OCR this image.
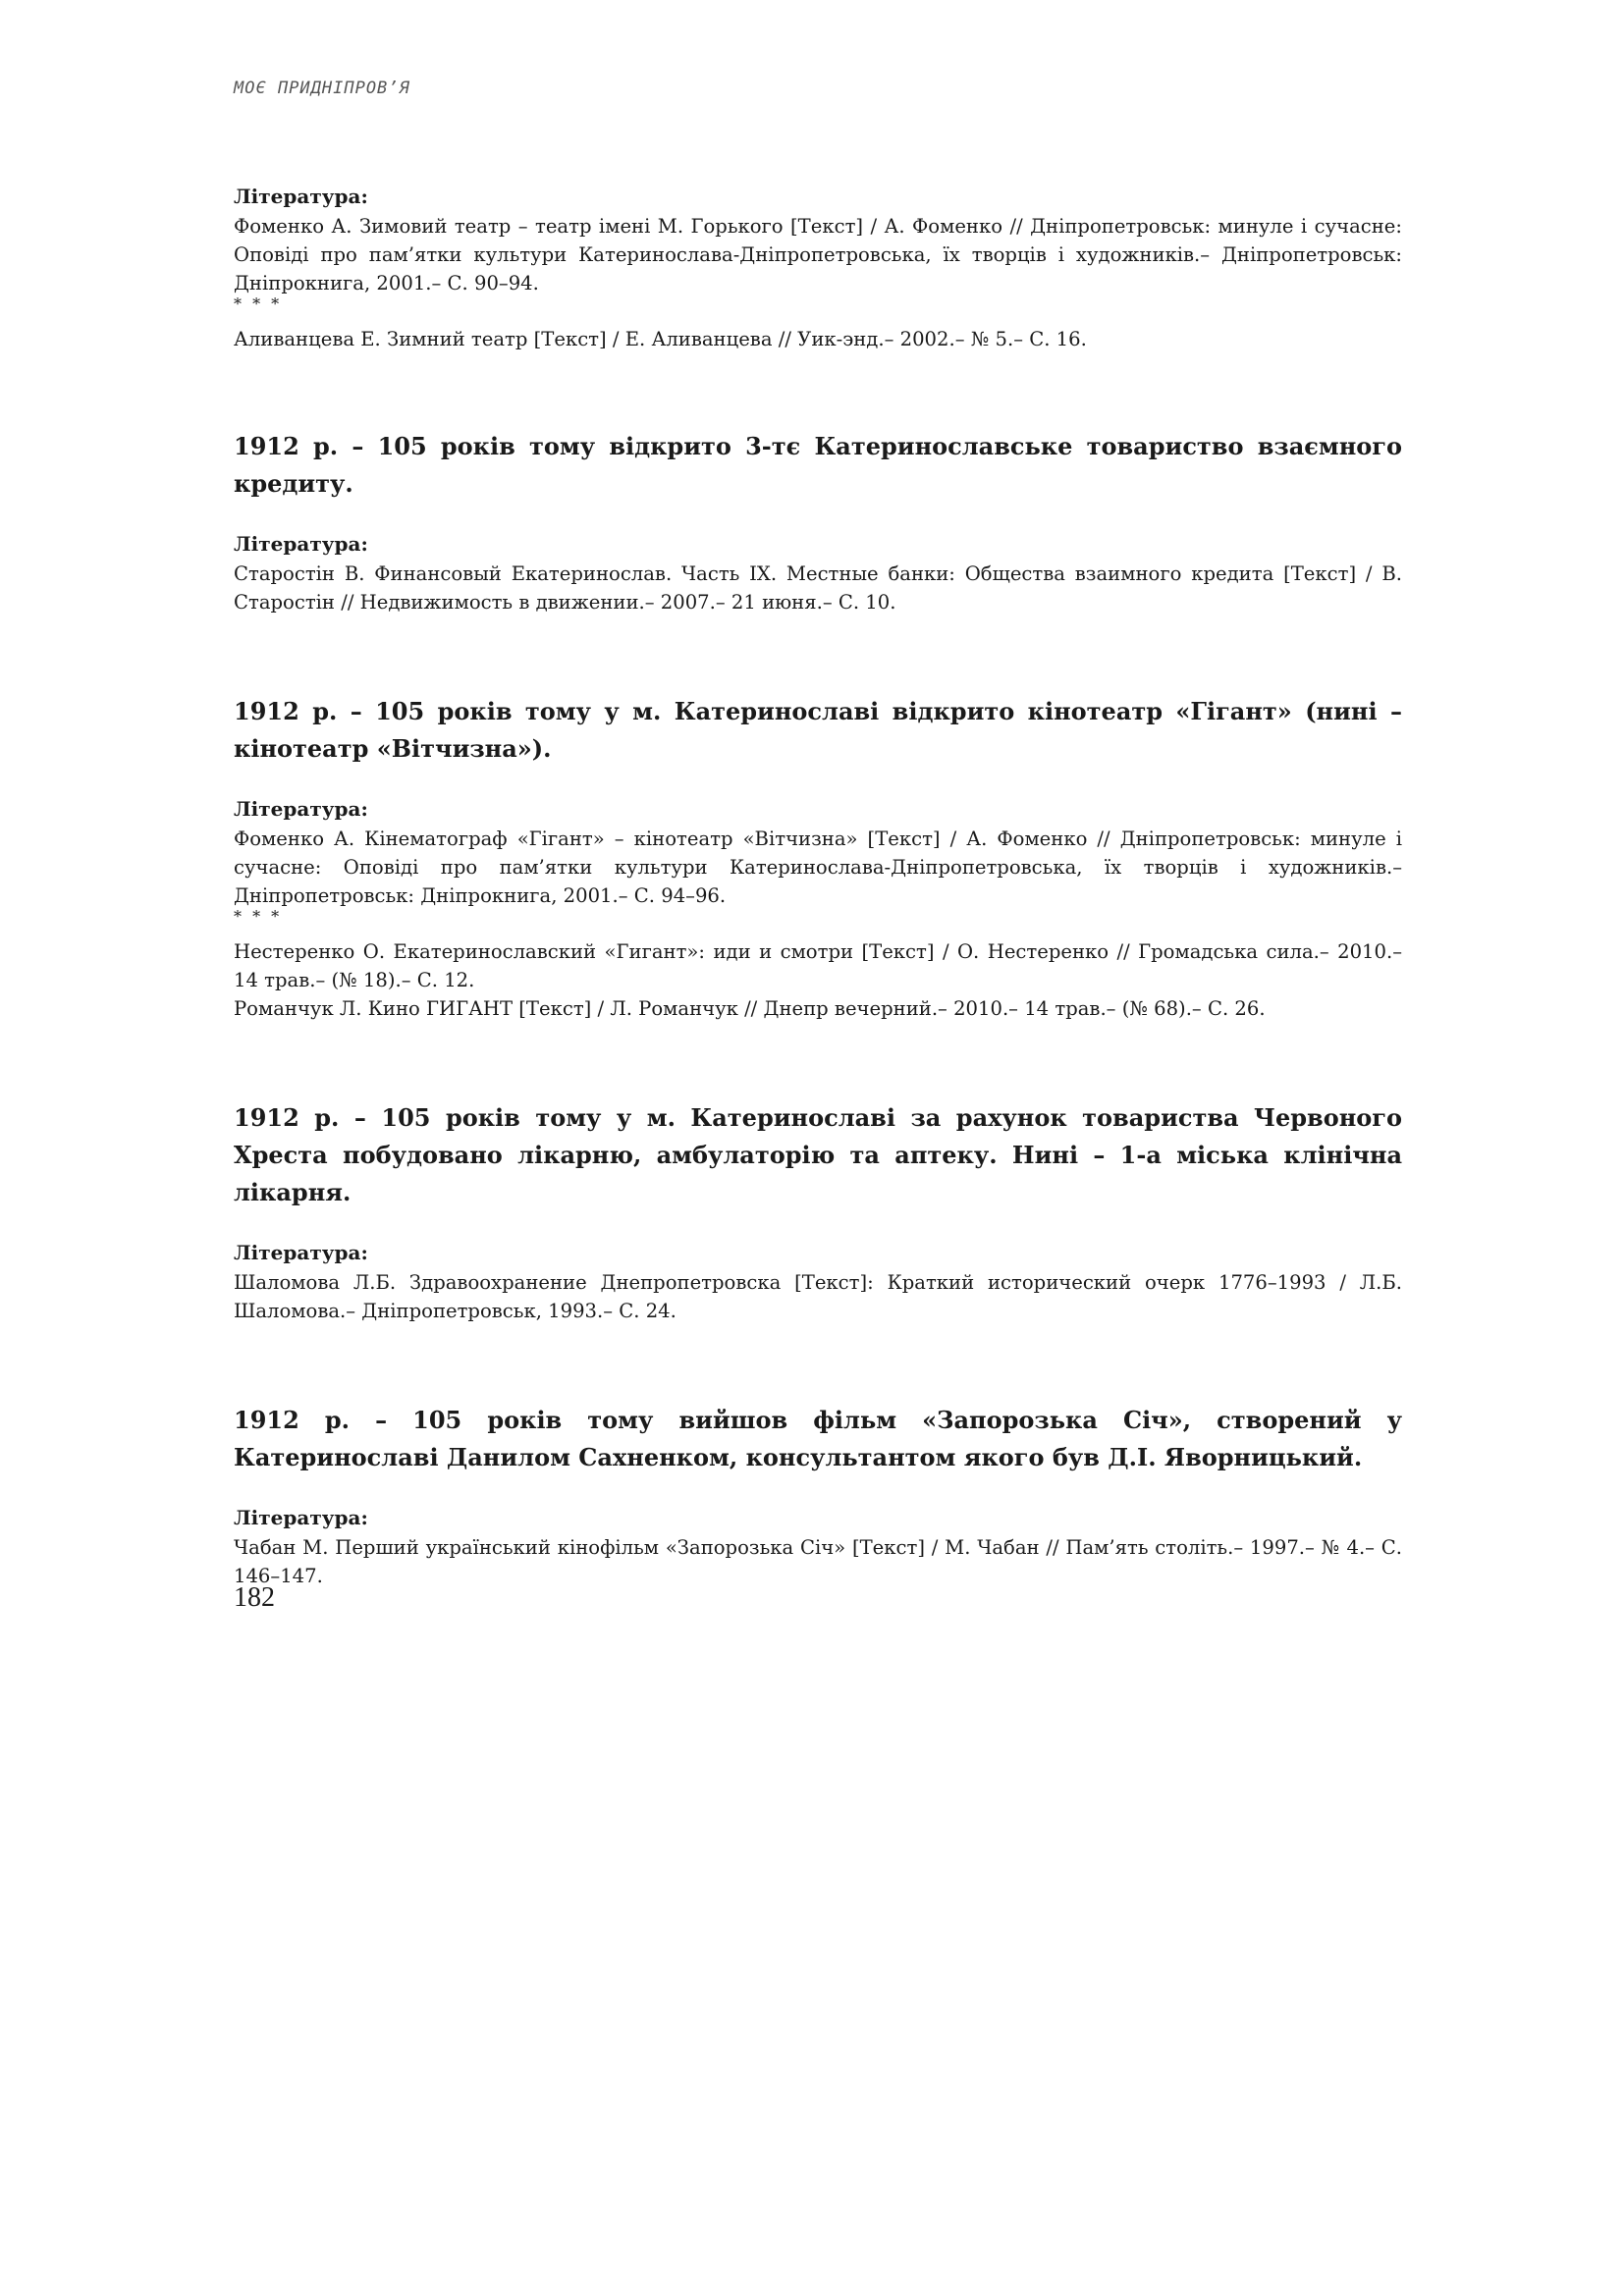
МОЄ ПРИДНІПРОВ’Я

Література:

Фоменко А. Зимовий театр – театр імені М. Горького [Текст] / А. Фоменко // Дніпропетровськ: минуле і сучасне: Оповіді про пам’ятки культури Катеринослава-Дніпропетровська, їх творців і художників.– Дніпропетровськ: Дніпрокнига, 2001.– С. 90–94.

* * *

Аливанцева Е. Зимний театр [Текст] / Е. Аливанцева // Уик-энд.– 2002.– № 5.– С. 16.

1912 р. – 105 років тому відкрито 3-тє Катеринославське товариство взаємного кредиту.

Література:

Старостін В. Финансовый Екатеринослав. Часть IX. Местные банки: Общества взаимного кредита [Текст] / В. Старостін // Недвижимость в движении.– 2007.– 21 июня.– С. 10.

1912 р. – 105 років тому у м. Катеринославі відкрито кінотеатр «Гігант» (нині – кінотеатр «Вітчизна»).

Література:

Фоменко А. Кінематограф «Гігант» – кінотеатр «Вітчизна» [Текст] / А. Фоменко // Дніпропетровськ: минуле і сучасне: Оповіді про пам’ятки культури Катеринослава-Дніпропетровська, їх творців і художників.– Дніпропетровськ: Дніпрокнига, 2001.– С. 94–96.

* * *

Нестеренко О. Екатеринославский «Гигант»: иди и смотри [Текст] / О. Нестеренко // Громадська сила.– 2010.– 14 трав.– (№ 18).– С. 12.

Романчук Л. Кино ГИГАНТ [Текст] / Л. Романчук // Днепр вечерний.– 2010.– 14 трав.– (№ 68).– С. 26.

1912 р. – 105 років тому у м. Катеринославі за рахунок товариства Червоного Хреста побудовано лікарню, амбулаторію та аптеку. Нині – 1-а міська клінічна лікарня.

Література:

Шаломова Л.Б. Здравоохранение Днепропетровска [Текст]: Краткий исторический очерк 1776–1993 / Л.Б. Шаломова.– Дніпропетровськ, 1993.– С. 24.

1912 р. – 105 років тому вийшов фільм «Запорозька Січ», створений у Катеринославі Данилом Сахненком, консультантом якого був Д.І. Яворницький.

Література:

Чабан М. Перший український кінофільм «Запорозька Січ» [Текст] / М. Чабан // Пам’ять століть.– 1997.– № 4.– С. 146–147.

182
